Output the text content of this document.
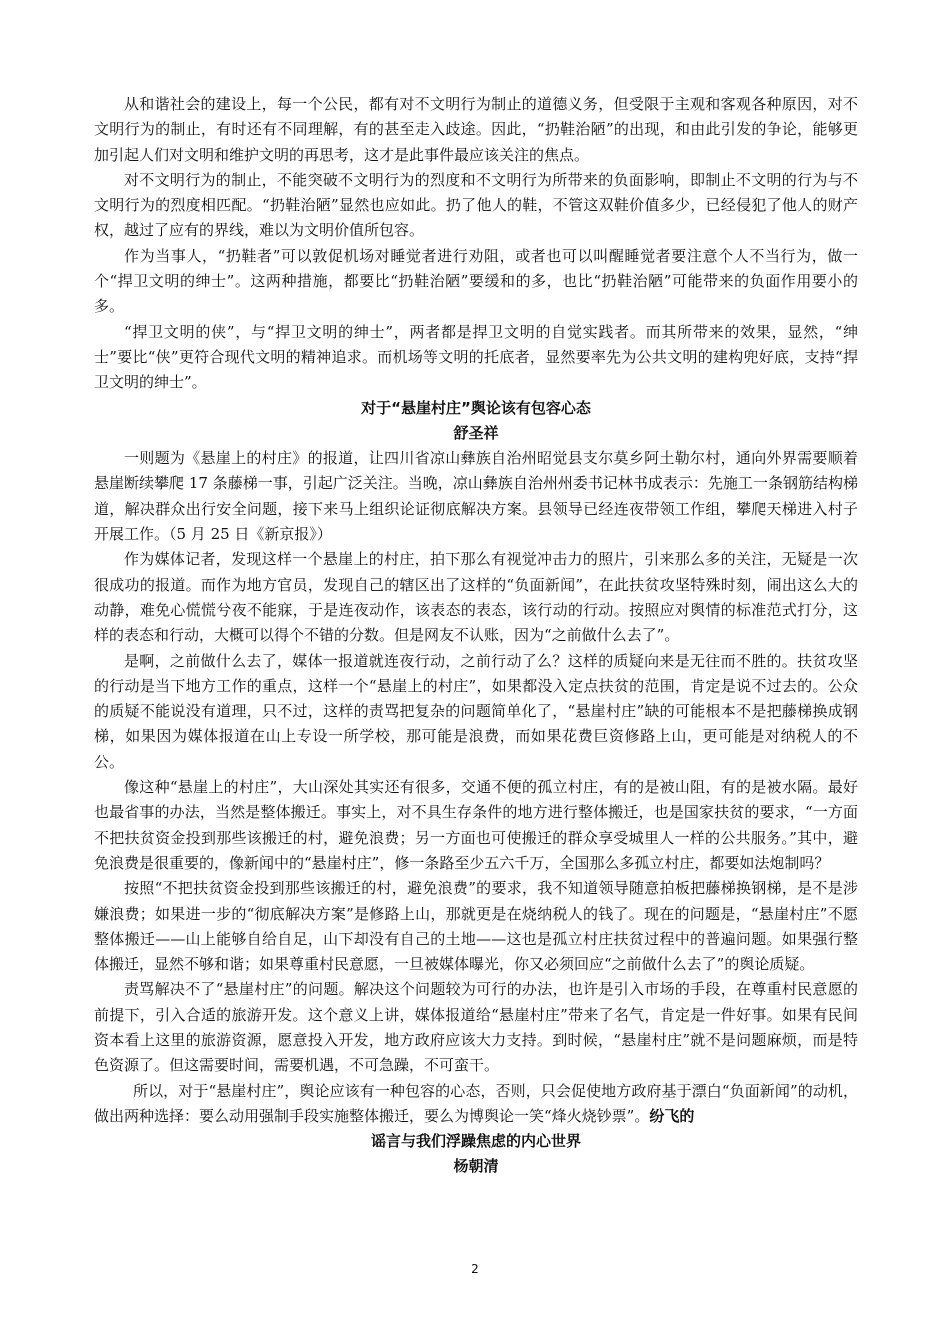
从和谐社会的建设上，每一个公民，都有对不文明行为制止的道德义务，但受限于主观和客观各种原因，对不文明行为的制止，有时还有不同理解，有的甚至走入歧途。因此，“扔鞋治陋”的出现，和由此引发的争论，能够更加引起人们对文明和维护文明的再思考，这才是此事件最应该关注的焦点。

对不文明行为的制止，不能突破不文明行为的烈度和不文明行为所带来的负面影响，即制止不文明的行为与不文明行为的烈度相匹配。“扔鞋治陋”显然也应如此。扔了他人的鞋，不管这双鞋价值多少，已经侵犯了他人的财产权，越过了应有的界线，难以为文明价值所包容。

作为当事人，“扔鞋者”可以敦促机场对睡觉者进行劝阻，或者也可以叫醒睡觉者要注意个人不当行为，做一个“捍卫文明的绅士”。这两种措施，都要比“扔鞋治陋”要缓和的多，也比“扔鞋治陋”可能带来的负面作用要小的多。

“捍卫文明的侠”，与“捍卫文明的绅士”，两者都是捍卫文明的自觉实践者。而其所带来的效果，显然，“绅士”要比“侠”更符合现代文明的精神追求。而机场等文明的托底者，显然要率先为公共文明的建构兜好底，支持“捍卫文明的绅士”。

对于“悬崖村庄”舆论该有包容心态

舒圣祥

一则题为《悬崖上的村庄》的报道，让四川省凉山彝族自治州昭觉县支尔莫乡阿土勒尔村，通向外界需要顺着悬崖断续攀爬 17 条藤梯一事，引起广泛关注。当晚，凉山彝族自治州州委书记林书成表示：先施工一条钢筋结构梯道，解决群众出行安全问题，接下来马上组织论证彻底解决方案。县领导已经连夜带领工作组，攀爬天梯进入村子开展工作。（5 月 25 日《新京报》）

作为媒体记者，发现这样一个悬崖上的村庄，拍下那么有视觉冲击力的照片，引来那么多的关注，无疑是一次很成功的报道。而作为地方官员，发现自己的辖区出了这样的“负面新闻”，在此扶贫攻坚特殊时刻，闹出这么大的动静，难免心慌慌兮夜不能寐，于是连夜动作，该表态的表态，该行动的行动。按照应对舆情的标准范式打分，这样的表态和行动，大概可以得个不错的分数。但是网友不认账，因为“之前做什么去了”。

是啊，之前做什么去了，媒体一报道就连夜行动，之前行动了么？这样的质疑向来是无往而不胜的。扶贫攻坚的行动是当下地方工作的重点，这样一个“悬崖上的村庄”，如果都没入定点扶贫的范围，肯定是说不过去的。公众的质疑不能说没有道理，只不过，这样的责骂把复杂的问题简单化了，“悬崖村庄”缺的可能根本不是把藤梯换成钢梯，如果因为媒体报道在山上专设一所学校，那可能是浪费，而如果花费巨资修路上山，更可能是对纳税人的不公。

像这种“悬崖上的村庄”，大山深处其实还有很多，交通不便的孤立村庄，有的是被山阻，有的是被水隔。最好也最省事的办法，当然是整体搬迁。事实上，对不具生存条件的地方进行整体搬迁，也是国家扶贫的要求，“一方面不把扶贫资金投到那些该搬迁的村，避免浪费；另一方面也可使搬迁的群众享受城里人一样的公共服务。”其中，避免浪费是很重要的，像新闻中的“悬崖村庄”，修一条路至少五六千万，全国那么多孤立村庄，都要如法炮制吗？

按照“不把扶贫资金投到那些该搬迁的村，避免浪费”的要求，我不知道领导随意拍板把藤梯换钢梯，是不是涉嫌浪费；如果进一步的“彻底解决方案”是修路上山，那就更是在烧纳税人的钱了。现在的问题是，“悬崖村庄”不愿整体搬迁——山上能够自给自足，山下却没有自己的土地——这也是孤立村庄扶贫过程中的普遍问题。如果强行整体搬迁，显然不够和谐；如果尊重村民意愿，一旦被媒体曝光，你又必须回应“之前做什么去了”的舆论质疑。

责骂解决不了“悬崖村庄”的问题。解决这个问题较为可行的办法，也许是引入市场的手段，在尊重村民意愿的前提下，引入合适的旅游开发。这个意义上讲，媒体报道给“悬崖村庄”带来了名气，肯定是一件好事。如果有民间资本看上这里的旅游资源，愿意投入开发，地方政府应该大力支持。到时候，“悬崖村庄”就不是问题麻烦，而是特色资源了。但这需要时间，需要机遇，不可急躁，不可蛮干。

所以，对于“悬崖村庄”，舆论应该有一种包容的心态，否则，只会促使地方政府基于漂白“负面新闻”的动机，做出两种选择：要么动用强制手段实施整体搬迁，要么为博舆论一笑“烽火烧钞票”。纷飞的

谣言与我们浮躁焦虑的内心世界

杨朝清

2
